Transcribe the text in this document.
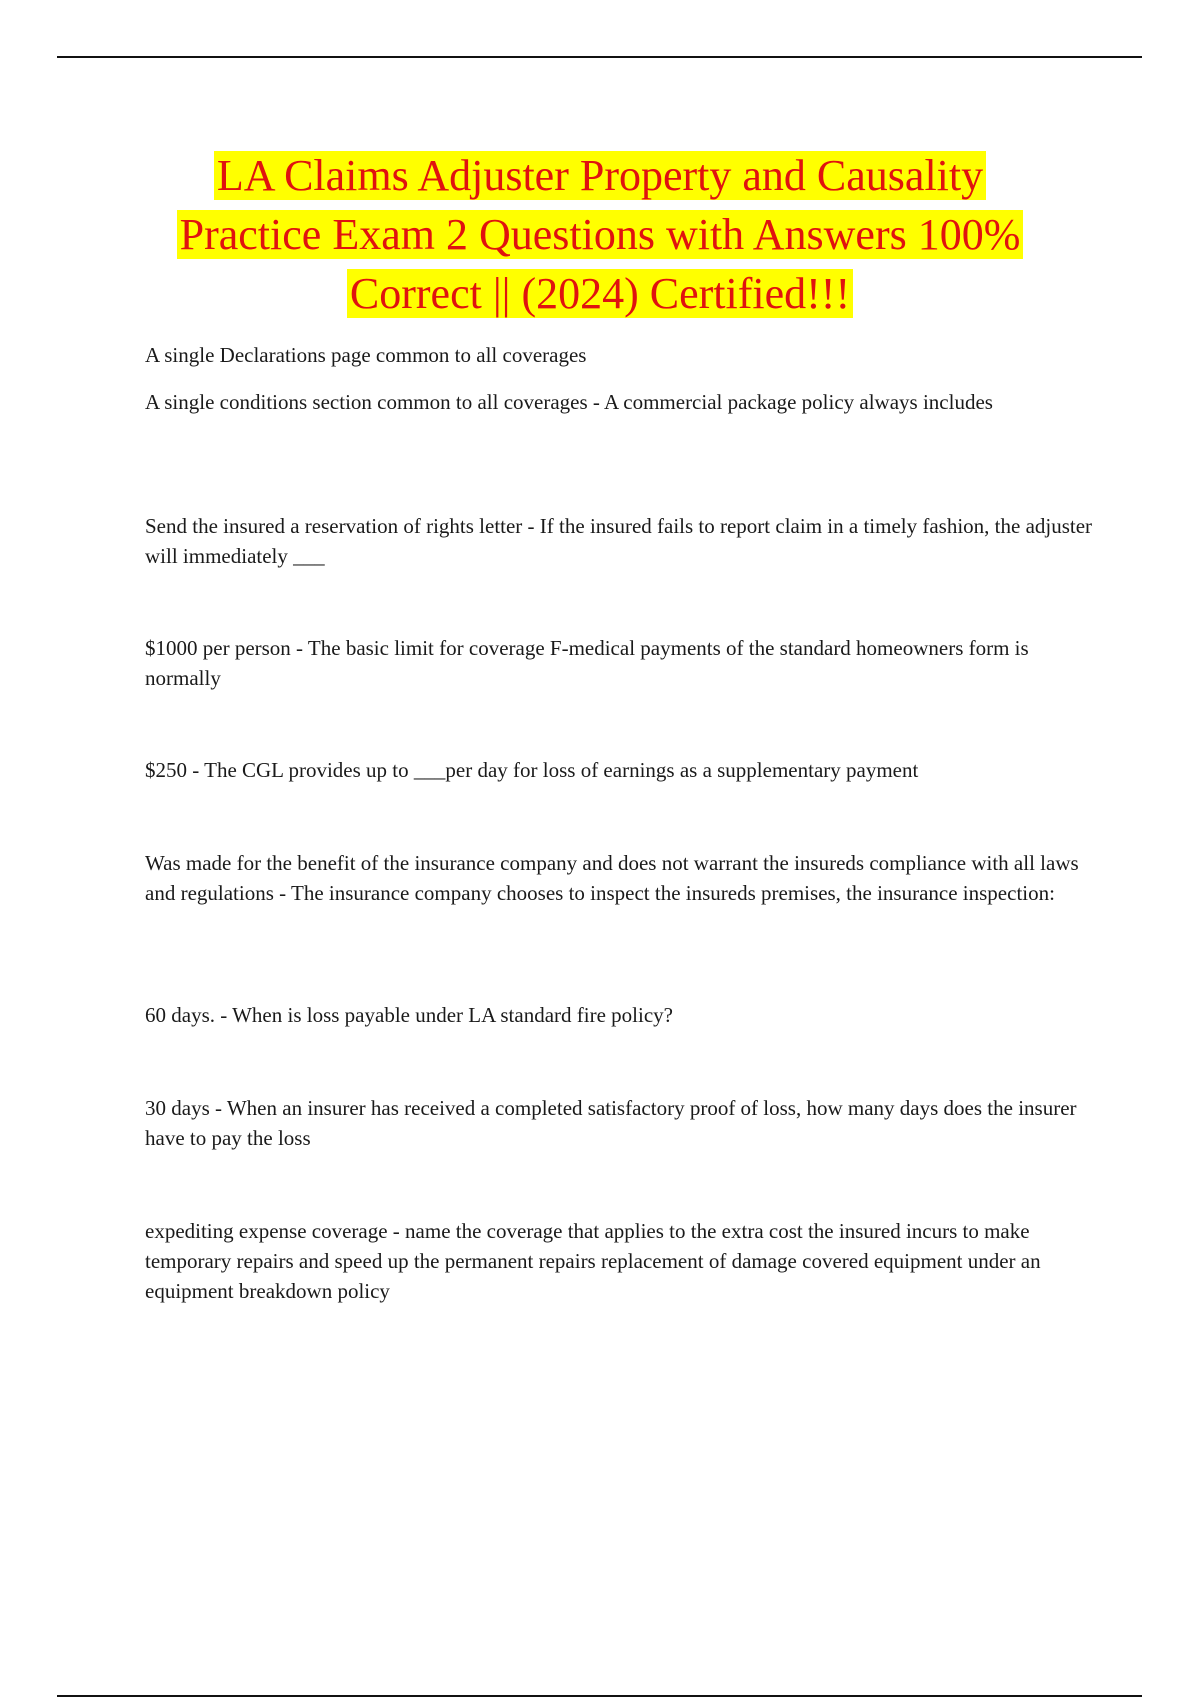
LA Claims Adjuster Property and Causality
Practice Exam 2 Questions with Answers 100%
Correct || (2024) Certified!!!

A single Declarations page common to all coverages

A single conditions section common to all coverages - A commercial package policy always includes

Send the insured a reservation of rights letter - If the insured fails to report claim in a timely fashion, the adjuster will immediately ___

$1000 per person - The basic limit for coverage F-medical payments of the standard homeowners form is normally

$250 - The CGL provides up to ___per day for loss of earnings as a supplementary payment

Was made for the benefit of the insurance company and does not warrant the insureds compliance with all laws and regulations - The insurance company chooses to inspect the insureds premises, the insurance inspection:

60 days. - When is loss payable under LA standard fire policy?

30 days - When an insurer has received a completed satisfactory proof of loss, how many days does the insurer have to pay the loss

expediting expense coverage - name the coverage that applies to the extra cost the insured incurs to make temporary repairs and speed up the permanent repairs replacement of damage covered equipment under an equipment breakdown policy
